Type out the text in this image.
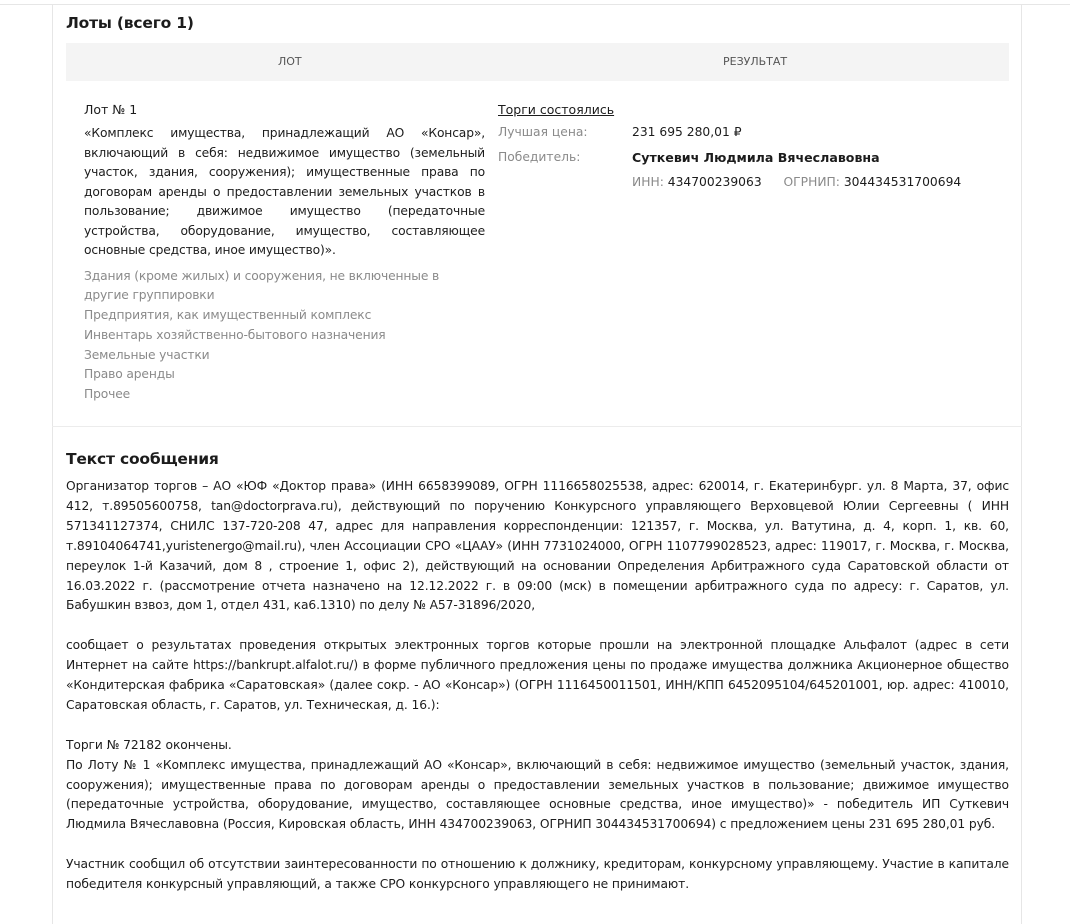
Лоты (всего 1)
ЛОТ	РЕЗУЛЬТАТ
Лот № 1
«Комплекс имущества, принадлежащий АО «Консар», включающий в себя: недвижимое имущество (земельный участок, здания, сооружения); имущественные права по договорам аренды о предоставлении земельных участков в пользование; движимое имущество (передаточные устройства, оборудование, имущество, составляющее основные средства, иное имущество)».
Здания (кроме жилых) и сооружения, не включенные в другие группировки
Предприятия, как имущественный комплекс
Инвентарь хозяйственно-бытового назначения
Земельные участки
Право аренды
Прочее
Торги состоялись
Лучшая цена:	231 695 280,01 ₽
Победитель:	Суткевич Людмила Вячеславовна
ИНН: 434700239063 ОГРНИП: 304434531700694
Текст сообщения

Организатор торгов – АО «ЮФ «Доктор права» (ИНН 6658399089, ОГРН 1116658025538, адрес: 620014, г. Екатеринбург. ул. 8 Марта, 37, офис 412, т.89505600758, tan@doctorprava.ru), действующий по поручению Конкурсного управляющего Верховцевой Юлии Сергеевны ( ИНН 571341127374, СНИЛС 137-720-208 47, адрес для направления корреспонденции: 121357, г. Москва, ул. Ватутина, д. 4, корп. 1, кв. 60, т.89104064741,yuristenergo@mail.ru), член Ассоциации СРО «ЦААУ» (ИНН 7731024000, ОГРН 1107799028523, адрес: 119017, г. Москва, г. Москва, переулок 1-й Казачий, дом 8 , строение 1, офис 2), действующий на основании Определения Арбитражного суда Саратовской области от 16.03.2022 г. (рассмотрение отчета назначено на 12.12.2022 г. в 09:00 (мск) в помещении арбитражного суда по адресу: г. Саратов, ул. Бабушкин взвоз, дом 1, отдел 431, ка6.1310) по делу № А57-31896/2020,

сообщает о результатах проведения открытых электронных торгов которые прошли на электронной площадке Альфалот (адрес в сети Интернет на сайте https://bankrupt.alfalot.ru/) в форме публичного предложения цены по продаже имущества должника Акционерное общество «Кондитерская фабрика «Саратовская» (далее сокр. - АО «Консар») (ОГРН 1116450011501, ИНН/КПП 6452095104/645201001, юр. адрес: 410010, Саратовская область, г. Саратов, ул. Техническая, д. 16.):

Торги № 72182 окончены.

По Лоту № 1 «Комплекс имущества, принадлежащий АО «Консар», включающий в себя: недвижимое имущество (земельный участок, здания, сооружения); имущественные права по договорам аренды о предоставлении земельных участков в пользование; движимое имущество (передаточные устройства, оборудование, имущество, составляющее основные средства, иное имущество)» - победитель ИП Суткевич Людмила Вячеславовна (Россия, Кировская область, ИНН 434700239063, ОГРНИП 304434531700694) с предложением цены 231 695 280,01 руб.

Участник сообщил об отсутствии заинтересованности по отношению к должнику, кредиторам, конкурсному управляющему. Участие в капитале победителя конкурсный управляющий, а также СРО конкурсного управляющего не принимают.
